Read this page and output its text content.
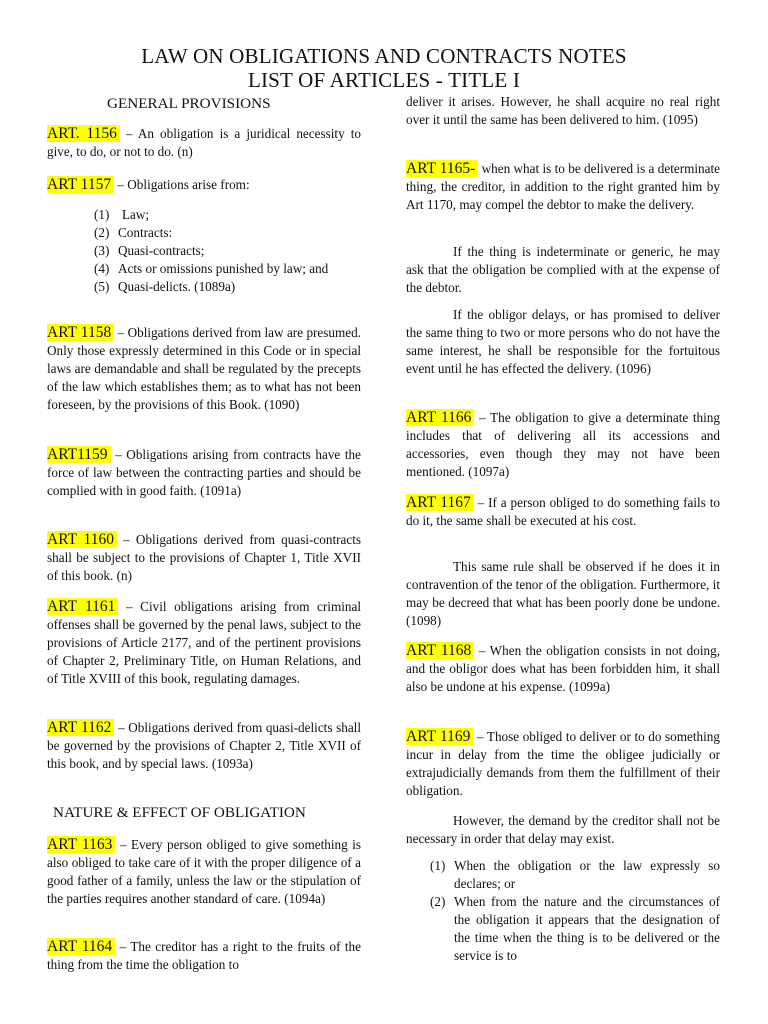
LAW ON OBLIGATIONS AND CONTRACTS NOTES
LIST OF ARTICLES - TITLE I
GENERAL PROVISIONS

ART. 1156 – An obligation is a juridical necessity to give, to do, or not to do. (n)

ART 1157 – Obligations arise from:

(1) Law;
(2) Contracts:
(3) Quasi-contracts;
(4) Acts or omissions punished by law; and
(5) Quasi-delicts. (1089a)

ART 1158 – Obligations derived from law are presumed. Only those expressly determined in this Code or in special laws are demandable and shall be regulated by the precepts of the law which establishes them; as to what has not been foreseen, by the provisions of this Book. (1090)

ART1159 – Obligations arising from contracts have the force of law between the contracting parties and should be complied with in good faith. (1091a)

ART 1160 – Obligations derived from quasi-contracts shall be subject to the provisions of Chapter 1, Title XVII of this book. (n)

ART 1161 – Civil obligations arising from criminal offenses shall be governed by the penal laws, subject to the provisions of Article 2177, and of the pertinent provisions of Chapter 2, Preliminary Title, on Human Relations, and of Title XVIII of this book, regulating damages.

ART 1162 – Obligations derived from quasi-delicts shall be governed by the provisions of Chapter 2, Title XVII of this book, and by special laws. (1093a)

NATURE & EFFECT OF OBLIGATION

ART 1163 – Every person obliged to give something is also obliged to take care of it with the proper diligence of a good father of a family, unless the law or the stipulation of the parties requires another standard of care. (1094a)

ART 1164 – The creditor has a right to the fruits of the thing from the time the obligation to

deliver it arises. However, he shall acquire no real right over it until the same has been delivered to him. (1095)

ART 1165- when what is to be delivered is a determinate thing, the creditor, in addition to the right granted him by Art 1170, may compel the debtor to make the delivery.

If the thing is indeterminate or generic, he may ask that the obligation be complied with at the expense of the debtor.

If the obligor delays, or has promised to deliver the same thing to two or more persons who do not have the same interest, he shall be responsible for the fortuitous event until he has effected the delivery. (1096)

ART 1166 – The obligation to give a determinate thing includes that of delivering all its accessions and accessories, even though they may not have been mentioned. (1097a)

ART 1167 – If a person obliged to do something fails to do it, the same shall be executed at his cost.

This same rule shall be observed if he does it in contravention of the tenor of the obligation. Furthermore, it may be decreed that what has been poorly done be undone. (1098)

ART 1168 – When the obligation consists in not doing, and the obligor does what has been forbidden him, it shall also be undone at his expense. (1099a)

ART 1169 – Those obliged to deliver or to do something incur in delay from the time the obligee judicially or extrajudicially demands from them the fulfillment of their obligation.

However, the demand by the creditor shall not be necessary in order that delay may exist.

(1) When the obligation or the law expressly so declares; or
(2) When from the nature and the circumstances of the obligation it appears that the designation of the time when the thing is to be delivered or the service is to
